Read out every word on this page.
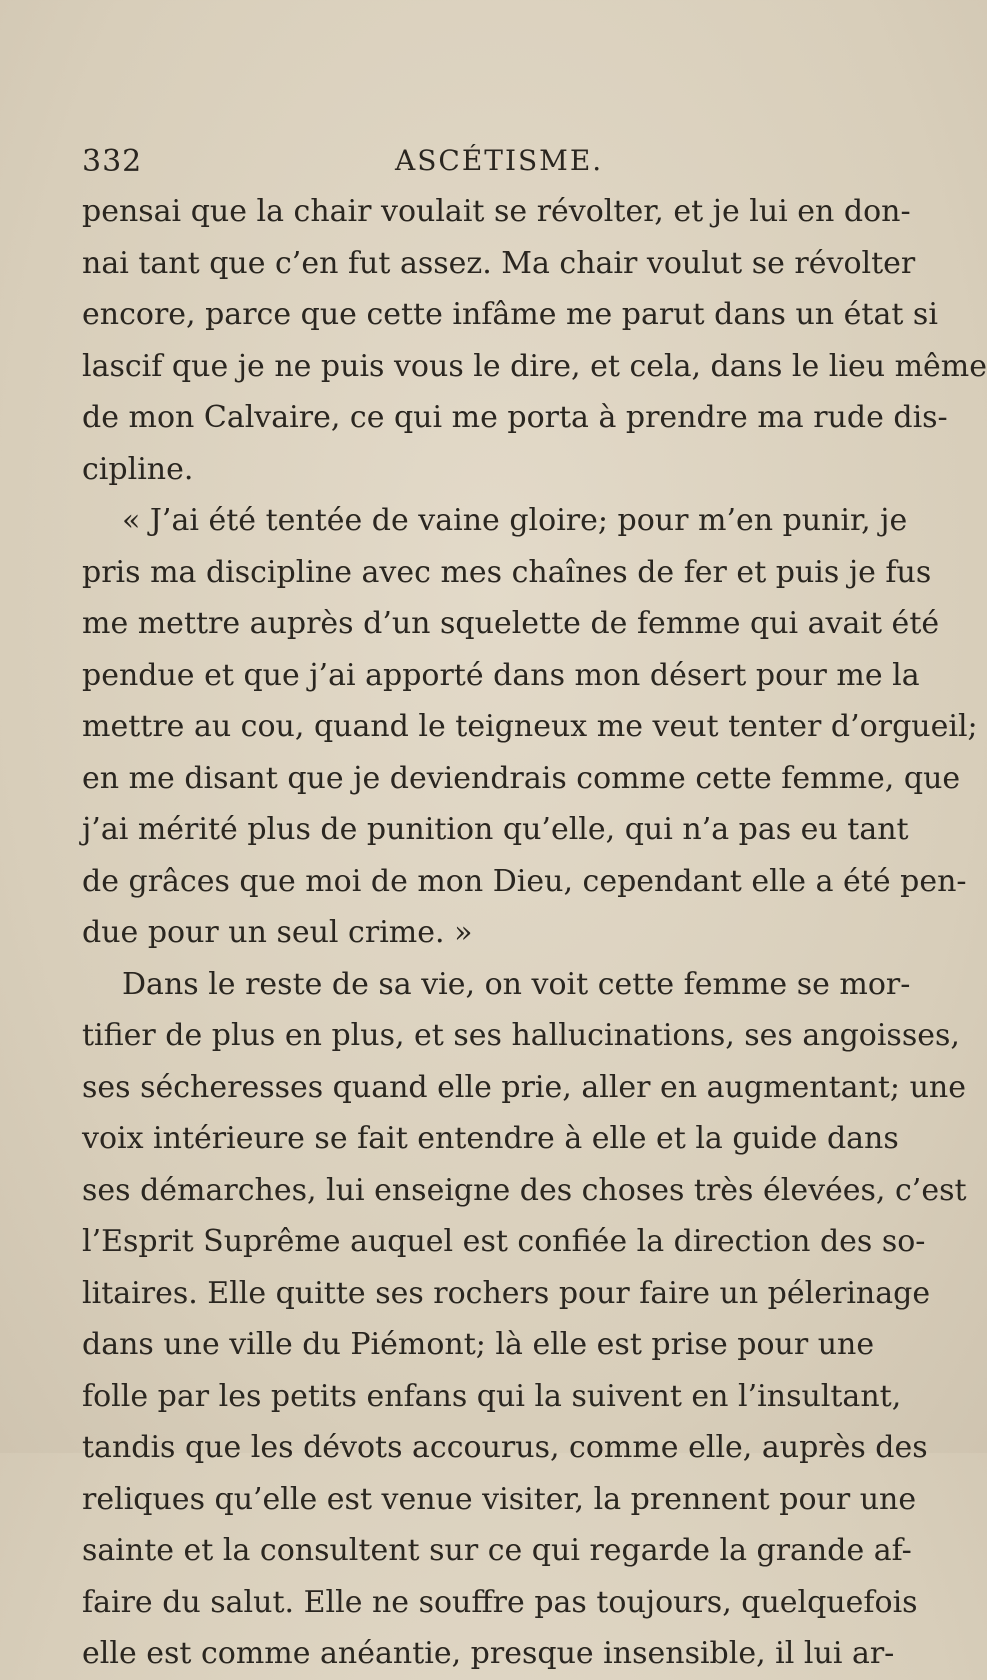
332	ASCÉTISME.
pensai que la chair voulait se révolter, et je lui en don-
nai tant que c’en fut assez. Ma chair voulut se révolter
encore, parce que cette infâme me parut dans un état si
lascif que je ne puis vous le dire, et cela, dans le lieu même
de mon Calvaire, ce qui me porta à prendre ma rude dis-
cipline.
« J’ai été tentée de vaine gloire; pour m’en punir, je
pris ma discipline avec mes chaînes de fer et puis je fus
me mettre auprès d’un squelette de femme qui avait été
pendue et que j’ai apporté dans mon désert pour me la
mettre au cou, quand le teigneux me veut tenter d’orgueil;
en me disant que je deviendrais comme cette femme, que
j’ai mérité plus de punition qu’elle, qui n’a pas eu tant
de grâces que moi de mon Dieu, cependant elle a été pen-
due pour un seul crime. »
Dans le reste de sa vie, on voit cette femme se mor-
tifier de plus en plus, et ses hallucinations, ses angoisses,
ses sécheresses quand elle prie, aller en augmentant; une
voix intérieure se fait entendre à elle et la guide dans
ses démarches, lui enseigne des choses très élevées, c’est
l’Esprit Suprême auquel est confiée la direction des so-
litaires. Elle quitte ses rochers pour faire un pélerinage
dans une ville du Piémont; là elle est prise pour une
folle par les petits enfans qui la suivent en l’insultant,
tandis que les dévots accourus, comme elle, auprès des
reliques qu’elle est venue visiter, la prennent pour une
sainte et la consultent sur ce qui regarde la grande af-
faire du salut. Elle ne souffre pas toujours, quelquefois
elle est comme anéantie, presque insensible, il lui ar-
